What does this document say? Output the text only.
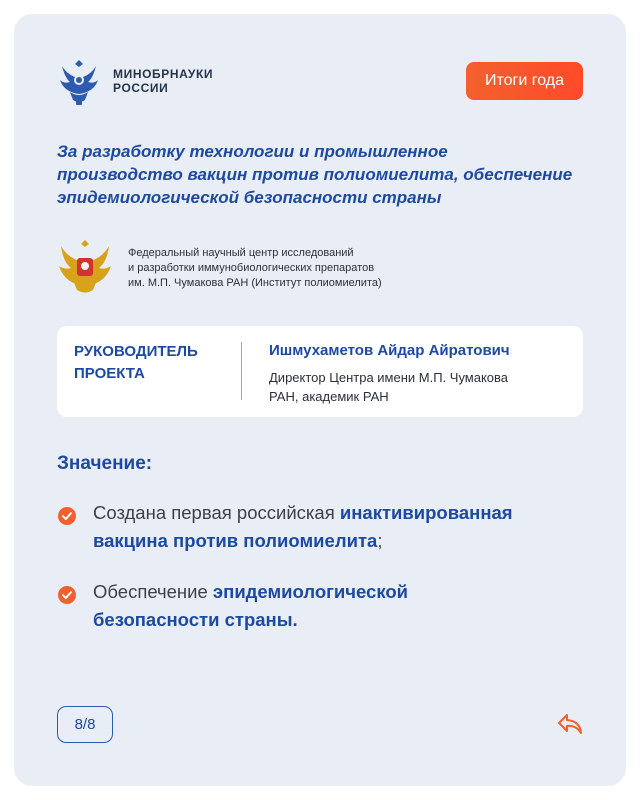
МИНОБРНАУКИ
РОССИИ	Итоги года
За разработку технологии и промышленное
производство вакцин против полиомиелита, обеспечение
эпидемиологической безопасности страны
Федеральный научный центр исследований
и разработки иммунобиологических препаратов
им. М.П. Чумакова РАН (Институт полиомиелита)
РУКОВОДИТЕЛЬ
ПРОЕКТА
Ишмухаметов Айдар Айратович
Директор Центра имени М.П. Чумакова
РАН, академик РАН
Значение:
Создана первая российская инактивированная
вакцина против полиомиелита;
Обеспечение эпидемиологической
безопасности страны.
8/8
